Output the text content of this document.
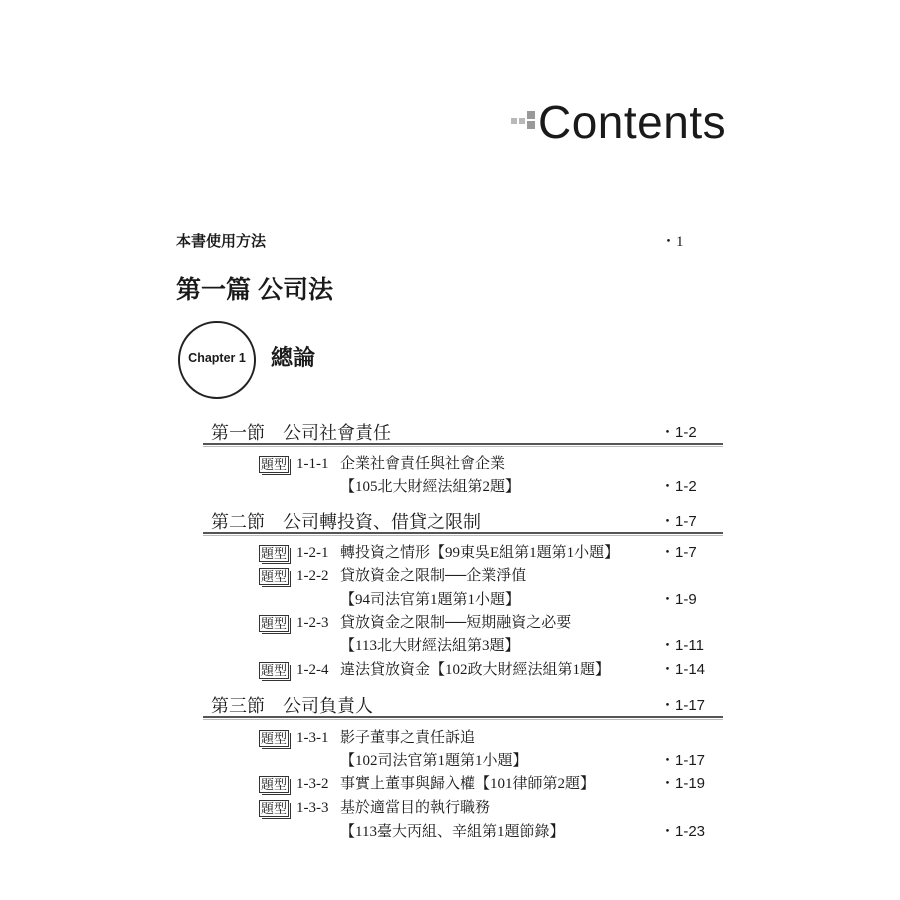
Contents
本書使用方法	・1
第一篇 公司法
Chapter 1	總論
第一節　公司社會責任	・1-2
題型 1-1-1 企業社會責任與社會企業
【105北大財經法組第2題】	・1-2
第二節　公司轉投資、借貸之限制	・1-7
題型 1-2-1 轉投資之情形【99東吳E組第1題第1小題】	・1-7
題型 1-2-2 貸放資金之限制──企業淨值
【94司法官第1題第1小題】	・1-9
題型 1-2-3 貸放資金之限制──短期融資之必要
【113北大財經法組第3題】	・1-11
題型 1-2-4 違法貸放資金【102政大財經法組第1題】	・1-14
第三節　公司負責人	・1-17
題型 1-3-1 影子董事之責任訴追
【102司法官第1題第1小題】	・1-17
題型 1-3-2 事實上董事與歸入權【101律師第2題】	・1-19
題型 1-3-3 基於適當目的執行職務
【113臺大丙組、辛組第1題節錄】	・1-23
